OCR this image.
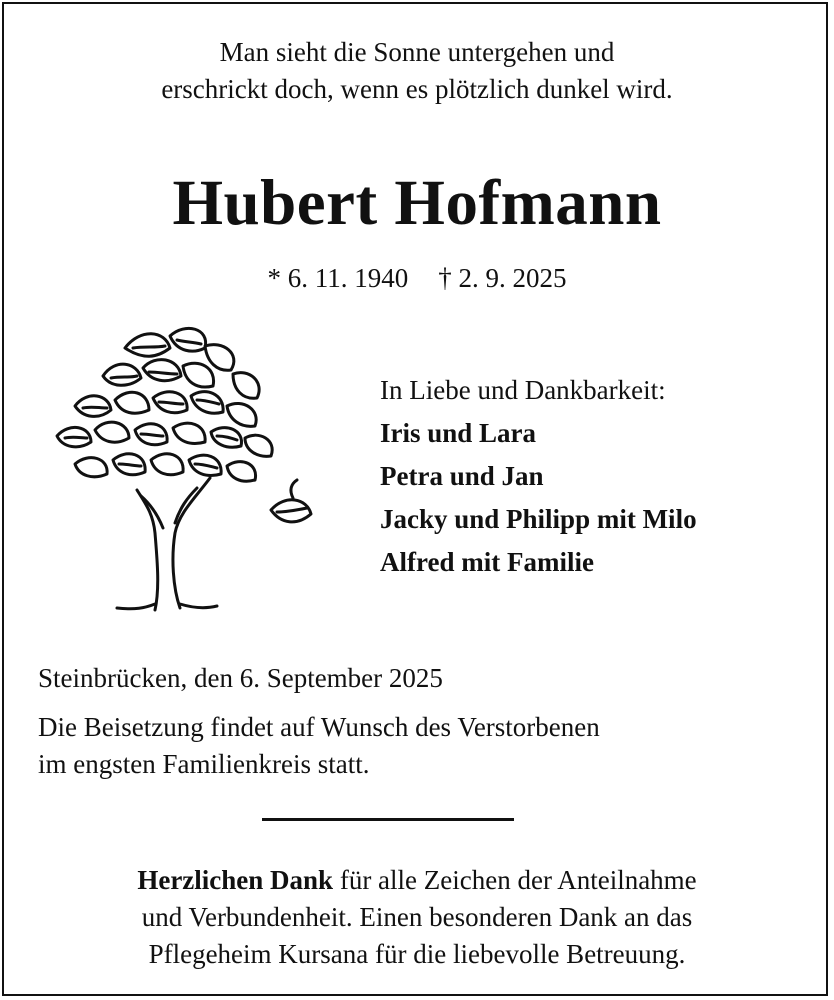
Man sieht die Sonne untergehen und
erschrickt doch, wenn es plötzlich dunkel wird.
Hubert Hofmann
* 6. 11. 1940 † 2. 9. 2025
In Liebe und Dankbarkeit:
Iris und Lara
Petra und Jan
Jacky und Philipp mit Milo
Alfred mit Familie
Steinbrücken, den 6. September 2025
Die Beisetzung findet auf Wunsch des Verstorbenen
im engsten Familienkreis statt.
Herzlichen Dank für alle Zeichen der Anteilnahme
und Verbundenheit. Einen besonderen Dank an das
Pflegeheim Kursana für die liebevolle Betreuung.
